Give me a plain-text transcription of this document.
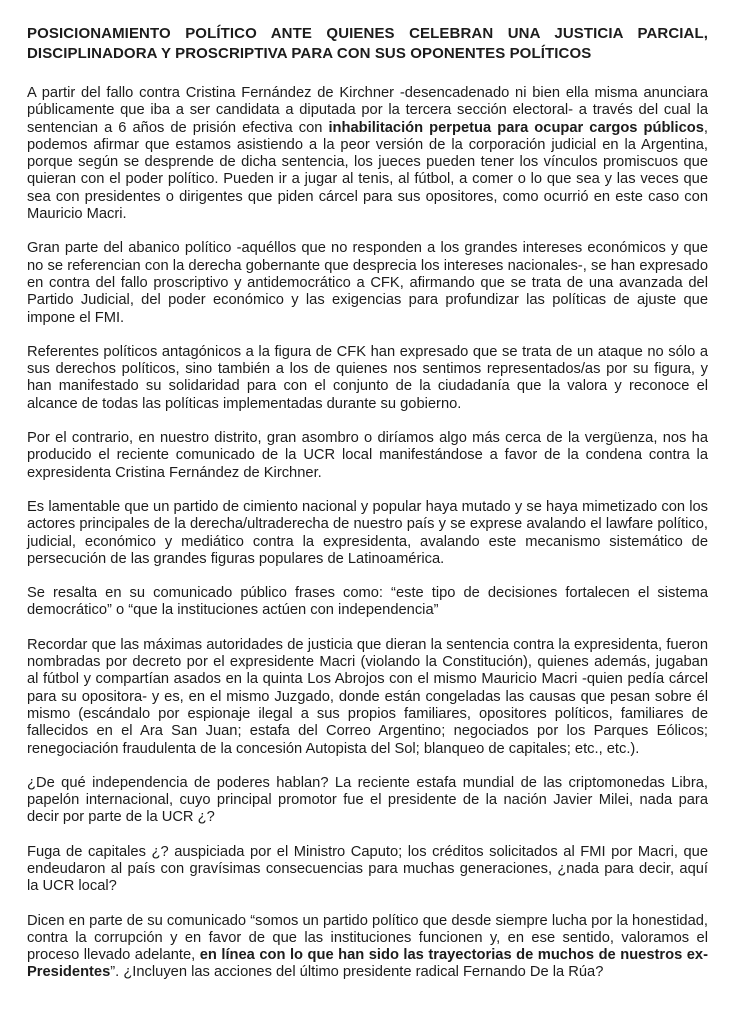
POSICIONAMIENTO POLÍTICO ANTE QUIENES CELEBRAN UNA JUSTICIA PARCIAL, DISCIPLINADORA Y PROSCRIPTIVA PARA CON SUS OPONENTES POLÍTICOS

A partir del fallo contra Cristina Fernández de Kirchner -desencadenado ni bien ella misma anunciara públicamente que iba a ser candidata a diputada por la tercera sección electoral- a través del cual la sentencian a 6 años de prisión efectiva con inhabilitación perpetua para ocupar cargos públicos, podemos afirmar que estamos asistiendo a la peor versión de la corporación judicial en la Argentina, porque según se desprende de dicha sentencia, los jueces pueden tener los vínculos promiscuos que quieran con el poder político. Pueden ir a jugar al tenis, al fútbol, a comer o lo que sea y las veces que sea con presidentes o dirigentes que piden cárcel para sus opositores, como ocurrió en este caso con Mauricio Macri.

Gran parte del abanico político -aquéllos que no responden a los grandes intereses económicos y que no se referencian con la derecha gobernante que desprecia los intereses nacionales-, se han expresado en contra del fallo proscriptivo y antidemocrático a CFK, afirmando que se trata de una avanzada del Partido Judicial, del poder económico y las exigencias para profundizar las políticas de ajuste que impone el FMI.

Referentes políticos antagónicos a la figura de CFK han expresado que se trata de un ataque no sólo a sus derechos políticos, sino también a los de quienes nos sentimos representados/as por su figura, y han manifestado su solidaridad para con el conjunto de la ciudadanía que la valora y reconoce el alcance de todas las políticas implementadas durante su gobierno.

Por el contrario, en nuestro distrito, gran asombro o diríamos algo más cerca de la vergüenza, nos ha producido el reciente comunicado de la UCR local manifestándose a favor de la condena contra la expresidenta Cristina Fernández de Kirchner.

Es lamentable que un partido de cimiento nacional y popular haya mutado y se haya mimetizado con los actores principales de la derecha/ultraderecha de nuestro país y se exprese avalando el lawfare político, judicial, económico y mediático contra la expresidenta, avalando este mecanismo sistemático de persecución de las grandes figuras populares de Latinoamérica.

Se resalta en su comunicado público frases como: “este tipo de decisiones fortalecen el sistema democrático” o “que la instituciones actúen con independencia”

Recordar que las máximas autoridades de justicia que dieran la sentencia contra la expresidenta, fueron nombradas por decreto por el expresidente Macri (violando la Constitución), quienes además, jugaban al fútbol y compartían asados en la quinta Los Abrojos con el mismo Mauricio Macri -quien pedía cárcel para su opositora- y es, en el mismo Juzgado, donde están congeladas las causas que pesan sobre él mismo (escándalo por espionaje ilegal a sus propios familiares, opositores políticos, familiares de fallecidos en el Ara San Juan; estafa del Correo Argentino; negociados por los Parques Eólicos; renegociación fraudulenta de la concesión Autopista del Sol; blanqueo de capitales; etc., etc.).

¿De qué independencia de poderes hablan? La reciente estafa mundial de las criptomonedas Libra, papelón internacional, cuyo principal promotor fue el presidente de la nación Javier Milei, nada para decir por parte de la UCR ¿?

Fuga de capitales ¿? auspiciada por el Ministro Caputo; los créditos solicitados al FMI por Macri, que endeudaron al país con gravísimas consecuencias para muchas generaciones, ¿nada para decir, aquí la UCR local?

Dicen en parte de su comunicado “somos un partido político que desde siempre lucha por la honestidad, contra la corrupción y en favor de que las instituciones funcionen y, en ese sentido, valoramos el proceso llevado adelante, en línea con lo que han sido las trayectorias de muchos de nuestros ex-Presidentes”. ¿Incluyen las acciones del último presidente radical Fernando De la Rúa?
